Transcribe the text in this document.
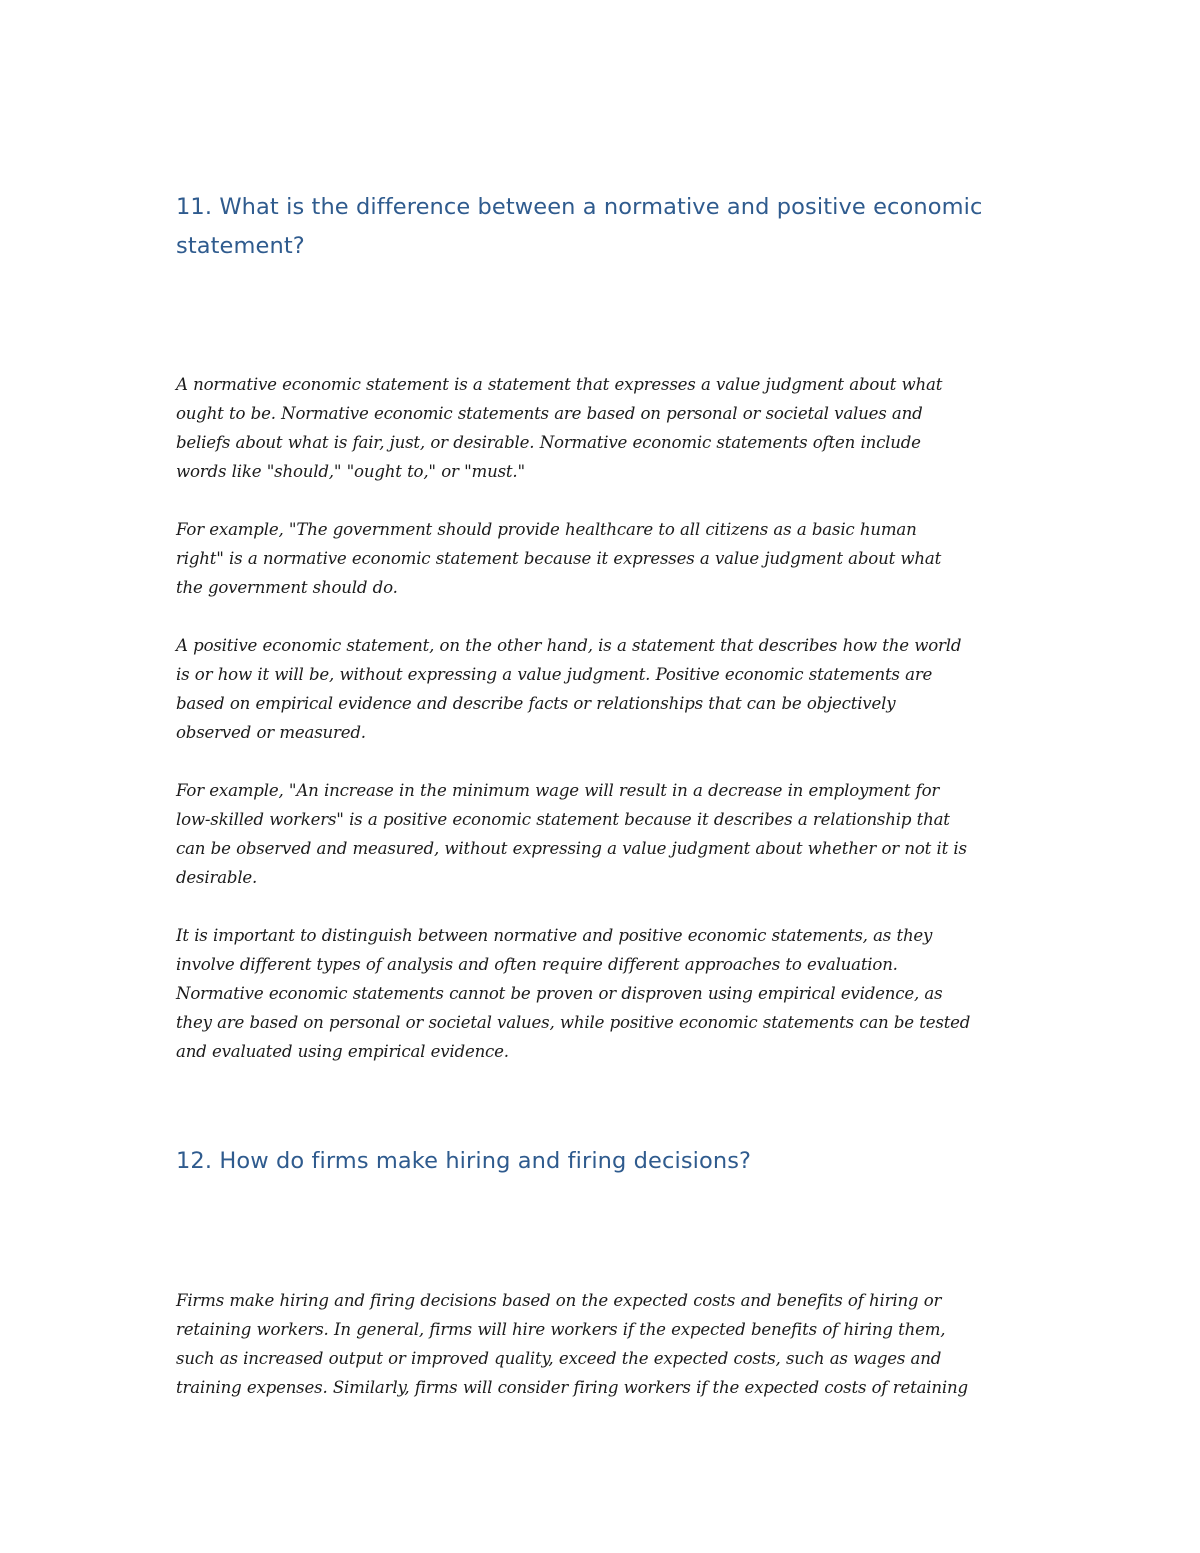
11. What is the difference between a normative and positive economic
statement?

A normative economic statement is a statement that expresses a value judgment about what
ought to be. Normative economic statements are based on personal or societal values and
beliefs about what is fair, just, or desirable. Normative economic statements often include
words like "should," "ought to," or "must."

For example, "The government should provide healthcare to all citizens as a basic human
right" is a normative economic statement because it expresses a value judgment about what
the government should do.

A positive economic statement, on the other hand, is a statement that describes how the world
is or how it will be, without expressing a value judgment. Positive economic statements are
based on empirical evidence and describe facts or relationships that can be objectively
observed or measured.

For example, "An increase in the minimum wage will result in a decrease in employment for
low-skilled workers" is a positive economic statement because it describes a relationship that
can be observed and measured, without expressing a value judgment about whether or not it is
desirable.

It is important to distinguish between normative and positive economic statements, as they
involve different types of analysis and often require different approaches to evaluation.
Normative economic statements cannot be proven or disproven using empirical evidence, as
they are based on personal or societal values, while positive economic statements can be tested
and evaluated using empirical evidence.

12. How do firms make hiring and firing decisions?

Firms make hiring and firing decisions based on the expected costs and benefits of hiring or
retaining workers. In general, firms will hire workers if the expected benefits of hiring them,
such as increased output or improved quality, exceed the expected costs, such as wages and
training expenses. Similarly, firms will consider firing workers if the expected costs of retaining
